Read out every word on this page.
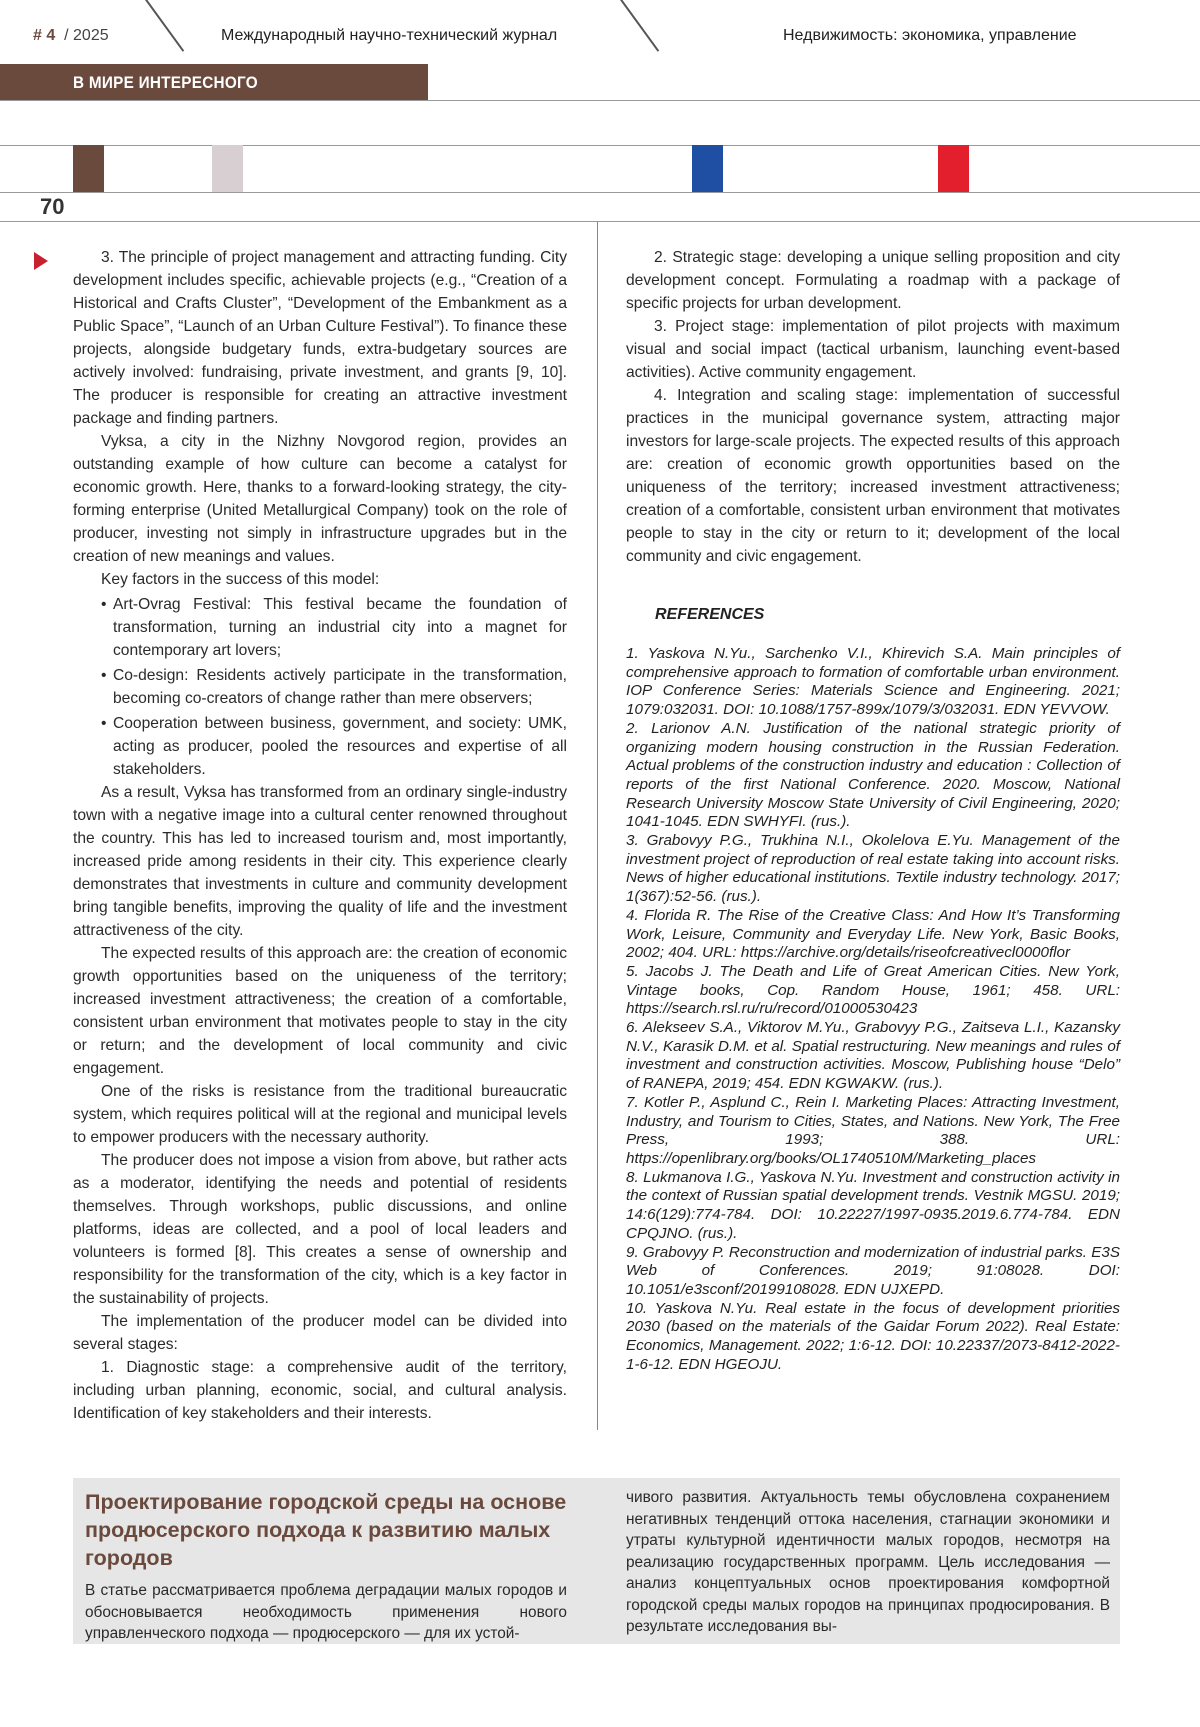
# 4 / 2025	Международный научно-технический журнал	Недвижимость: экономика, управление
В МИРЕ ИНТЕРЕСНОГО
70

3. The principle of project management and attracting funding. City development includes specific, achievable projects (e.g., “Creation of a Historical and Crafts Cluster”, “Development of the Embankment as a Public Space”, “Launch of an Urban Culture Festival”). To finance these projects, alongside budgetary funds, extra-budgetary sources are actively involved: fundraising, private investment, and grants [9, 10]. The producer is responsible for creating an attractive investment package and finding partners.

Vyksa, a city in the Nizhny Novgorod region, provides an outstanding example of how culture can become a catalyst for economic growth. Here, thanks to a forward-looking strategy, the city-forming enterprise (United Metallurgical Company) took on the role of producer, investing not simply in infrastructure upgrades but in the creation of new meanings and values.

Key factors in the success of this model:

• Art-Ovrag Festival: This festival became the foundation of transformation, turning an industrial city into a magnet for contemporary art lovers;
• Co-design: Residents actively participate in the transformation, becoming co-creators of change rather than mere observers;
• Cooperation between business, government, and society: UMK, acting as producer, pooled the resources and expertise of all stakeholders.

As a result, Vyksa has transformed from an ordinary single-industry town with a negative image into a cultural center renowned throughout the country. This has led to increased tourism and, most importantly, increased pride among residents in their city. This experience clearly demonstrates that investments in culture and community development bring tangible benefits, improving the quality of life and the investment attractiveness of the city.

The expected results of this approach are: the creation of economic growth opportunities based on the uniqueness of the territory; increased investment attractiveness; the creation of a comfortable, consistent urban environment that motivates people to stay in the city or return; and the development of local community and civic engagement.

One of the risks is resistance from the traditional bureaucratic system, which requires political will at the regional and municipal levels to empower producers with the necessary authority.

The producer does not impose a vision from above, but rather acts as a moderator, identifying the needs and potential of residents themselves. Through workshops, public discussions, and online platforms, ideas are collected, and a pool of local leaders and volunteers is formed [8]. This creates a sense of ownership and responsibility for the transformation of the city, which is a key factor in the sustainability of projects.

The implementation of the producer model can be divided into several stages:

1. Diagnostic stage: a comprehensive audit of the territory, including urban planning, economic, social, and cultural analysis. Identification of key stakeholders and their interests.

2. Strategic stage: developing a unique selling proposition and city development concept. Formulating a roadmap with a package of specific projects for urban development.

3. Project stage: implementation of pilot projects with maximum visual and social impact (tactical urbanism, launching event-based activities). Active community engagement.

4. Integration and scaling stage: implementation of successful practices in the municipal governance system, attracting major investors for large-scale projects. The expected results of this approach are: creation of economic growth opportunities based on the uniqueness of the territory; increased investment attractiveness; creation of a comfortable, consistent urban environment that motivates people to stay in the city or return to it; development of the local community and civic engagement.

REFERENCES

1. Yaskova N.Yu., Sarchenko V.I., Khirevich S.A. Main principles of comprehensive approach to formation of comfortable urban environment. IOP Conference Series: Materials Science and Engineering. 2021; 1079:032031. DOI: 10.1088/1757-899x/1079/3/032031. EDN YEVVOW.

2. Larionov A.N. Justification of the national strategic priority of organizing modern housing construction in the Russian Federation. Actual problems of the construction industry and education : Collection of reports of the first National Conference. 2020. Moscow, National Research University Moscow State University of Civil Engineering, 2020; 1041-1045. EDN SWHYFI. (rus.).

3. Grabovyy P.G., Trukhina N.I., Okolelova E.Yu. Management of the investment project of reproduction of real estate taking into account risks. News of higher educational institutions. Textile industry technology. 2017; 1(367):52-56. (rus.).

4. Florida R. The Rise of the Creative Class: And How It’s Transforming Work, Leisure, Community and Everyday Life. New York, Basic Books, 2002; 404. URL: https://archive.org/details/riseofcreativecl0000flor

5. Jacobs J. The Death and Life of Great American Cities. New York, Vintage books, Cop. Random House, 1961; 458. URL: https://search.rsl.ru/ru/record/01000530423

6. Alekseev S.A., Viktorov M.Yu., Grabovyy P.G., Zaitseva L.I., Kazansky N.V., Karasik D.M. et al. Spatial restructuring. New meanings and rules of investment and construction activities. Moscow, Publishing house “Delo” of RANEPA, 2019; 454. EDN KGWAKW. (rus.).

7. Kotler P., Asplund C., Rein I. Marketing Places: Attracting Investment, Industry, and Tourism to Cities, States, and Nations. New York, The Free Press, 1993; 388. URL: https://openlibrary.org/books/OL1740510M/Marketing_places

8. Lukmanova I.G., Yaskova N.Yu. Investment and construction activity in the context of Russian spatial development trends. Vestnik MGSU. 2019; 14:6(129):774-784. DOI: 10.22227/1997-0935.2019.6.774-784. EDN CPQJNO. (rus.).

9. Grabovyy P. Reconstruction and modernization of industrial parks. E3S Web of Conferences. 2019; 91:08028. DOI: 10.1051/e3sconf/20199108028. EDN UJXEPD.

10. Yaskova N.Yu. Real estate in the focus of development priorities 2030 (based on the materials of the Gaidar Forum 2022). Real Estate: Economics, Management. 2022; 1:6-12. DOI: 10.22337/2073-8412-2022-1-6-12. EDN HGEOJU.

Проектирование городской среды на основе продюсерского подхода к развитию малых городов
В статье рассматривается проблема деградации малых городов и обосновывается необходимость применения нового управленческого подхода — продюсерского — для их устой-
чивого развития. Актуальность темы обусловлена сохранением негативных тенденций оттока населения, стагнации экономики и утраты культурной идентичности малых городов, несмотря на реализацию государственных программ. Цель исследования — анализ концептуальных основ проектирования комфортной городской среды малых городов на принципах продюсирования. В результате исследования вы-
